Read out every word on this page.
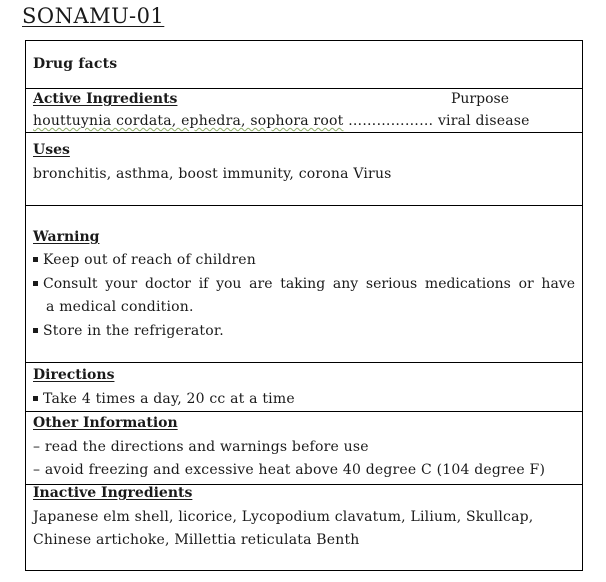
SONAMU-01
Drug facts
Active Ingredients	Purpose
houttuynia cordata, ephedra, sophora root ……………… viral disease
Uses
bronchitis, asthma, boost immunity, corona Virus
Warning
Keep out of reach of children
Consult your doctor if you are taking any serious medications or have
a medical condition.
Store in the refrigerator.
Directions
Take 4 times a day, 20 cc at a time
Other Information
– read the directions and warnings before use
– avoid freezing and excessive heat above 40 degree C (104 degree F)
Inactive Ingredients
Japanese elm shell, licorice, Lycopodium clavatum, Lilium, Skullcap,
Chinese artichoke, Millettia reticulata Benth
